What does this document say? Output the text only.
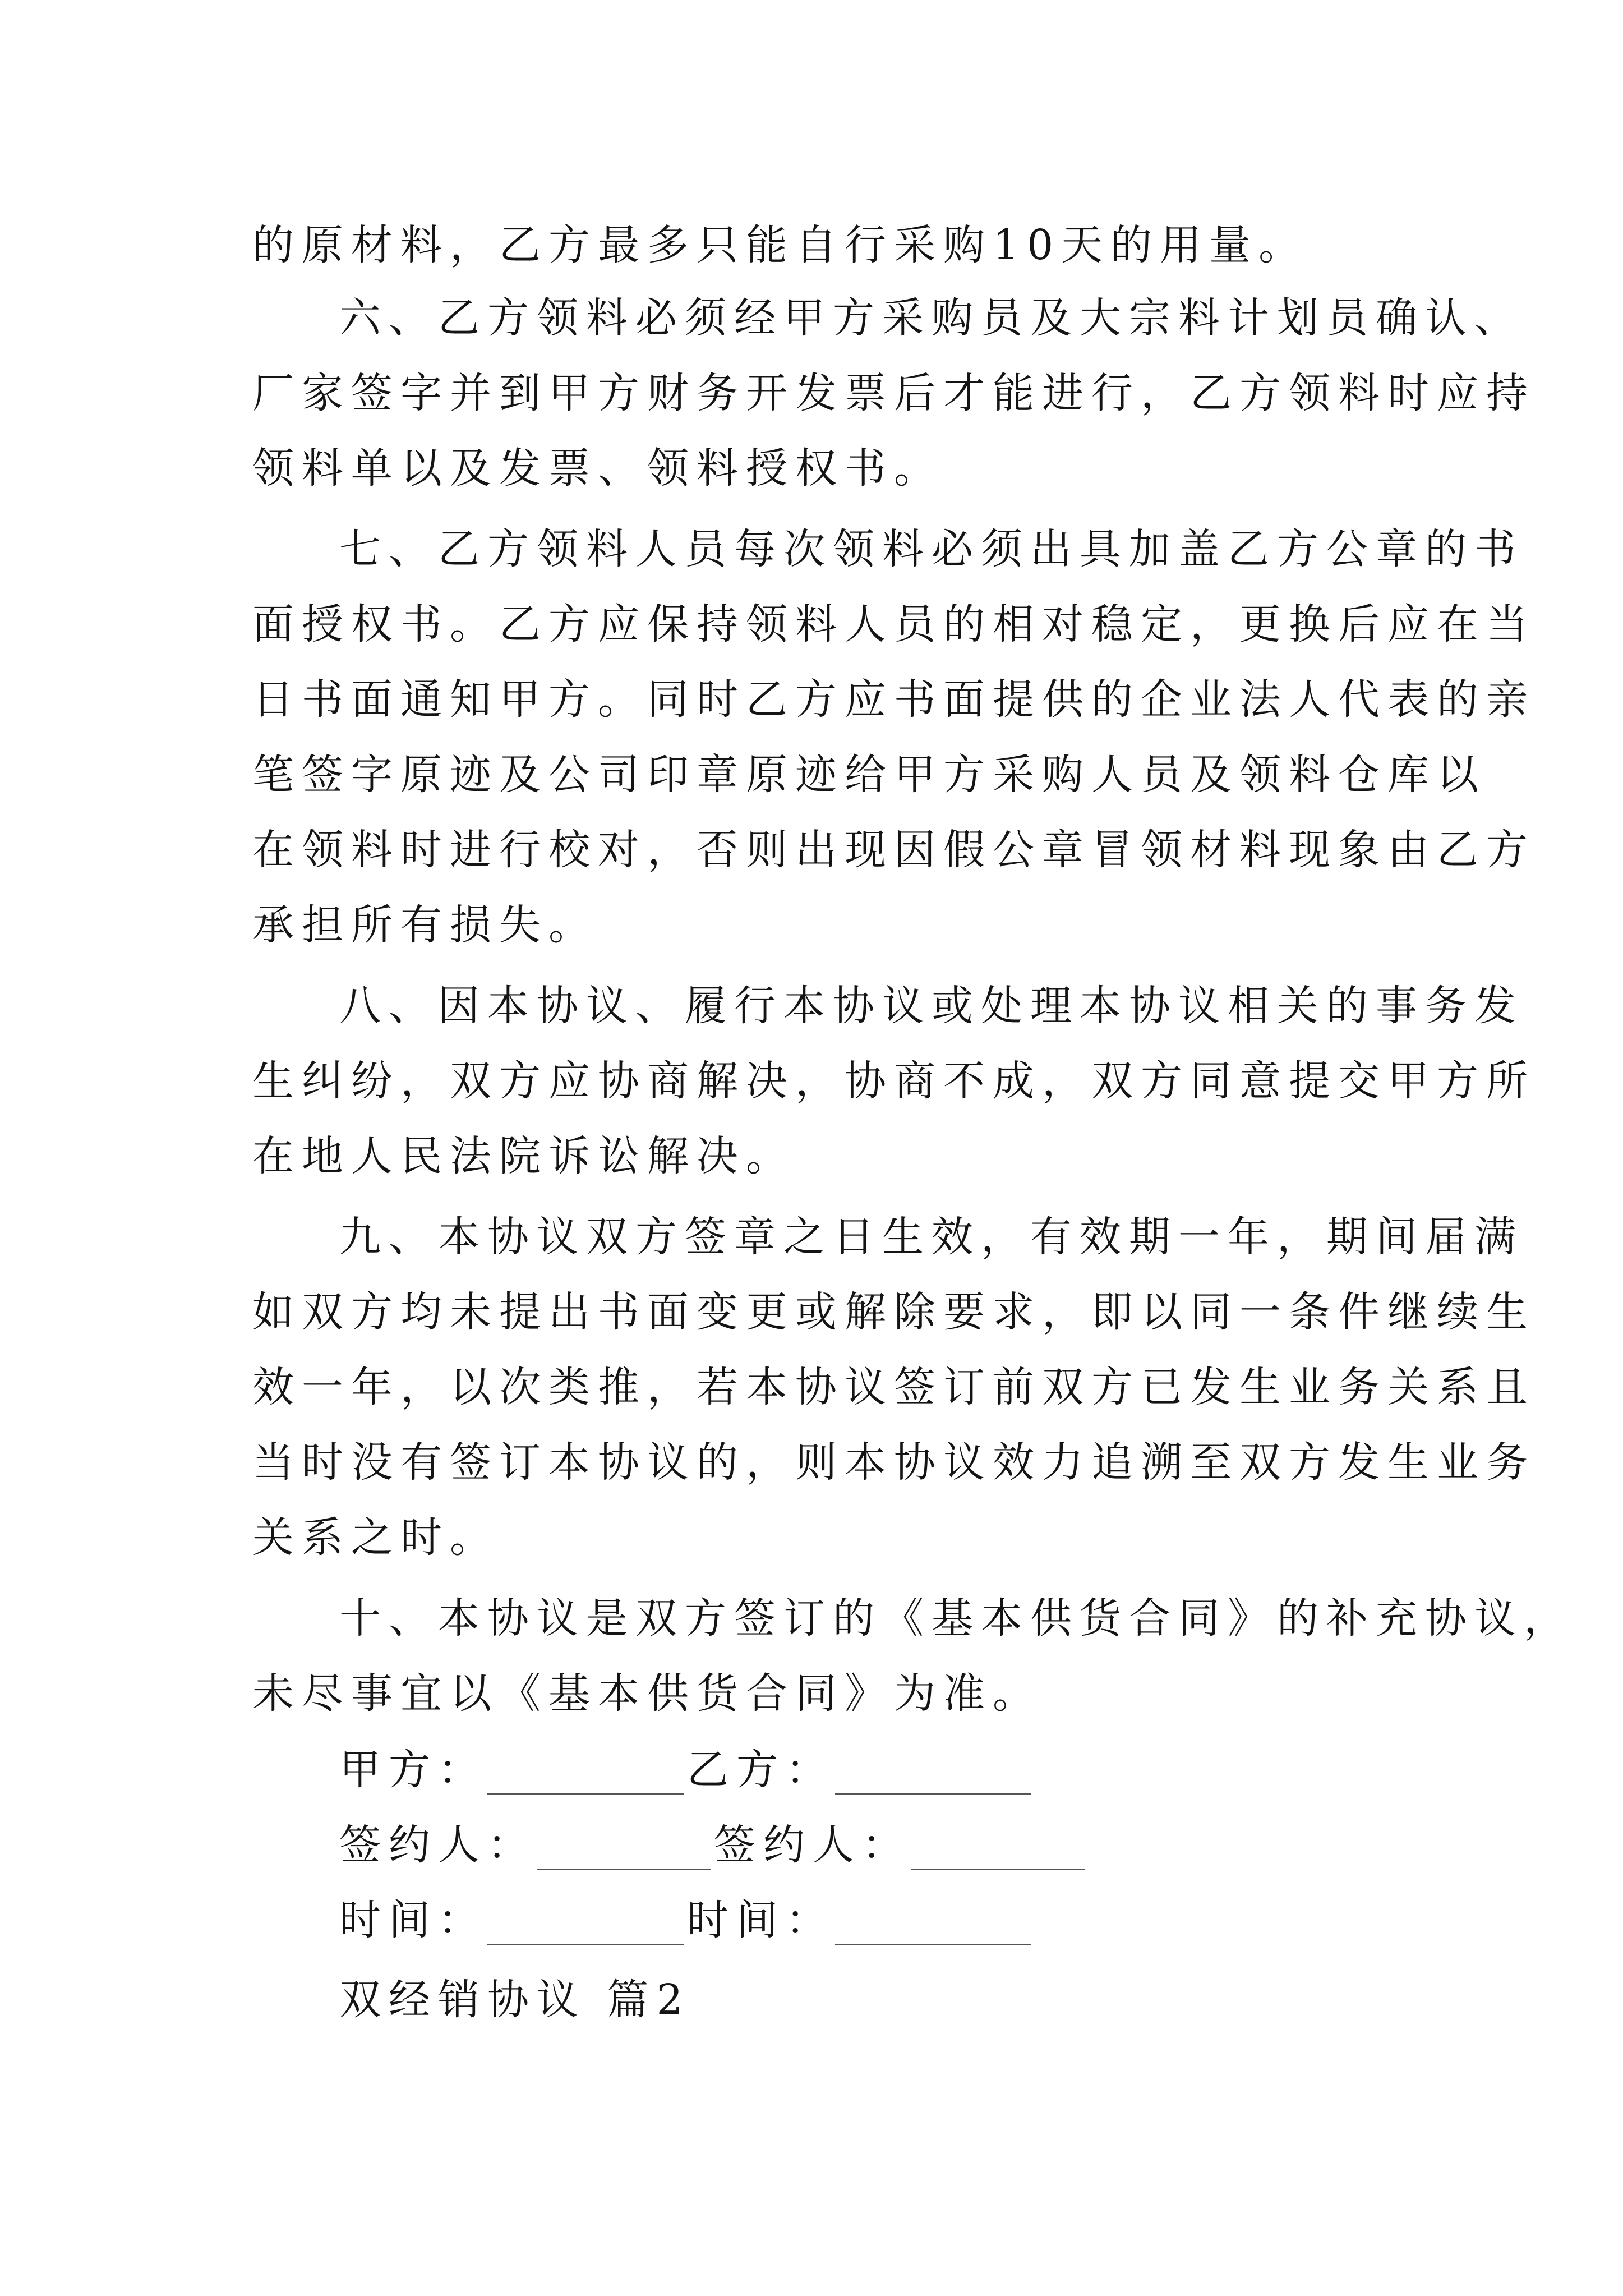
的原材料，乙方最多只能自行采购10天的用量。
六、乙方领料必须经甲方采购员及大宗料计划员确认、
厂家签字并到甲方财务开发票后才能进行，乙方领料时应持
领料单以及发票、领料授权书。
七、乙方领料人员每次领料必须出具加盖乙方公章的书
面授权书。乙方应保持领料人员的相对稳定，更换后应在当
日书面通知甲方。同时乙方应书面提供的企业法人代表的亲
笔签字原迹及公司印章原迹给甲方采购人员及领料仓库以
在领料时进行校对，否则出现因假公章冒领材料现象由乙方
承担所有损失。
八、因本协议、履行本协议或处理本协议相关的事务发
生纠纷，双方应协商解决，协商不成，双方同意提交甲方所
在地人民法院诉讼解决。
九、本协议双方签章之日生效，有效期一年，期间届满
如双方均未提出书面变更或解除要求，即以同一条件继续生
效一年，以次类推，若本协议签订前双方已发生业务关系且
当时没有签订本协议的，则本协议效力追溯至双方发生业务
关系之时。
十、本协议是双方签订的《基本供货合同》的补充协议，
未尽事宜以《基本供货合同》为准。
甲方：	乙方：
签约人：	签约人：
时间：	时间：
双经销协议 篇2
